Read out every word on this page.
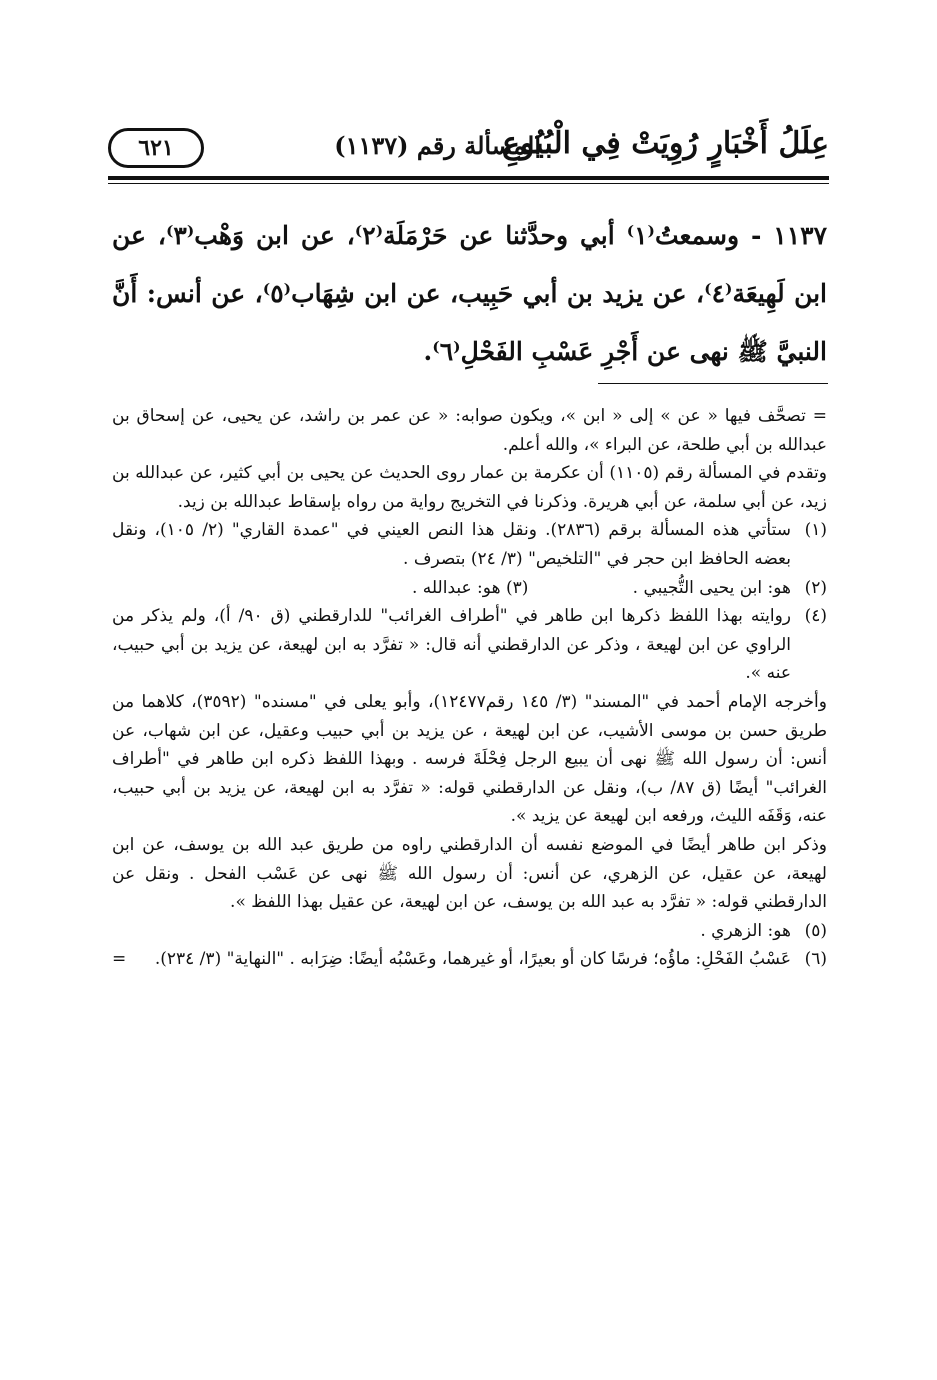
عِلَلُ أَخْبَارٍ رُوِيَتْ فِي الْبُيُوعِ
المسألة رقم (١١٣٧)
٦٢١

١١٣٧ - وسمعتُ⁽١⁾ أبي وحدَّثنا عن حَرْمَلَة⁽٢⁾، عن ابن وَهْب⁽٣⁾، عن ابن لَهِيعَة⁽٤⁾، عن يزيد بن أبي حَبِيب، عن ابن شِهَاب⁽٥⁾، عن أنس: أَنَّ النبيَّ ﷺ نهى عن أَجْرِ عَسْبِ الفَحْلِ⁽٦⁾.

= تصحَّف فيها « عن » إلى « ابن »، ويكون صوابه: « عن عمر بن راشد، عن يحيى، عن إسحاق بن عبدالله بن أبي طلحة، عن البراء »، والله أعلم.

وتقدم في المسألة رقم (١١٠٥) أن عكرمة بن عمار روى الحديث عن يحيى بن أبي كثير، عن عبدالله بن زيد، عن أبي سلمة، عن أبي هريرة. وذكرنا في التخريج رواية من رواه بإسقاط عبدالله بن زيد.

(١)
ستأتي هذه المسألة برقم (٢٨٣٦). ونقل هذا النص العيني في "عمدة القاري" (٢/ ١٠٥)، ونقل بعضه الحافظ ابن حجر في "التلخيص" (٣/ ٢٤) بتصرف .
(٢)
هو: ابن يحيى التُّجيبي .
(٣) هو: عبدالله .
(٤)

روايته بهذا اللفظ ذكرها ابن طاهر في "أطراف الغرائب" للدارقطني (ق ٩٠/ أ)، ولم يذكر من الراوي عن ابن لهيعة ، وذكر عن الدارقطني أنه قال: « تفرَّد به ابن لهيعة، عن يزيد بن أبي حبيب، عنه ».

وأخرجه الإمام أحمد في "المسند" (٣/ ١٤٥ رقم١٢٤٧٧)، وأبو يعلى في "مسنده" (٣٥٩٢)، كلاهما من طريق حسن بن موسى الأشيب، عن ابن لهيعة ، عن يزيد بن أبي حبيب وعقيل، عن ابن شهاب، عن أنس: أن رسول الله ﷺ نهى أن يبيع الرجل فِحْلَةَ فرسه . وبهذا اللفظ ذكره ابن طاهر في "أطراف الغرائب" أيضًا (ق ٨٧/ ب)، ونقل عن الدارقطني قوله: « تفرَّد به ابن لهيعة، عن يزيد بن أبي حبيب، عنه، وَقَفَه الليث، ورفعه ابن لهيعة عن يزيد ».

وذكر ابن طاهر أيضًا في الموضع نفسه أن الدارقطني راوه من طريق عبد الله بن يوسف، عن ابن لهيعة، عن عقيل، عن الزهري، عن أنس: أن رسول الله ﷺ نهى عن عَسْب الفحل . ونقل عن الدارقطني قوله: « تفرَّد به عبد الله بن يوسف، عن ابن لهيعة، عن عقيل بهذا اللفظ ».

(٥)
هو: الزهري .
(٦)
عَسْبُ الفَحْلِ: ماؤُه؛ فرسًا كان أو بعيرًا، أو غيرهما، وعَسْبُه أيضًا: ضِرَابه . "النهاية" (٣/ ٢٣٤).
=
